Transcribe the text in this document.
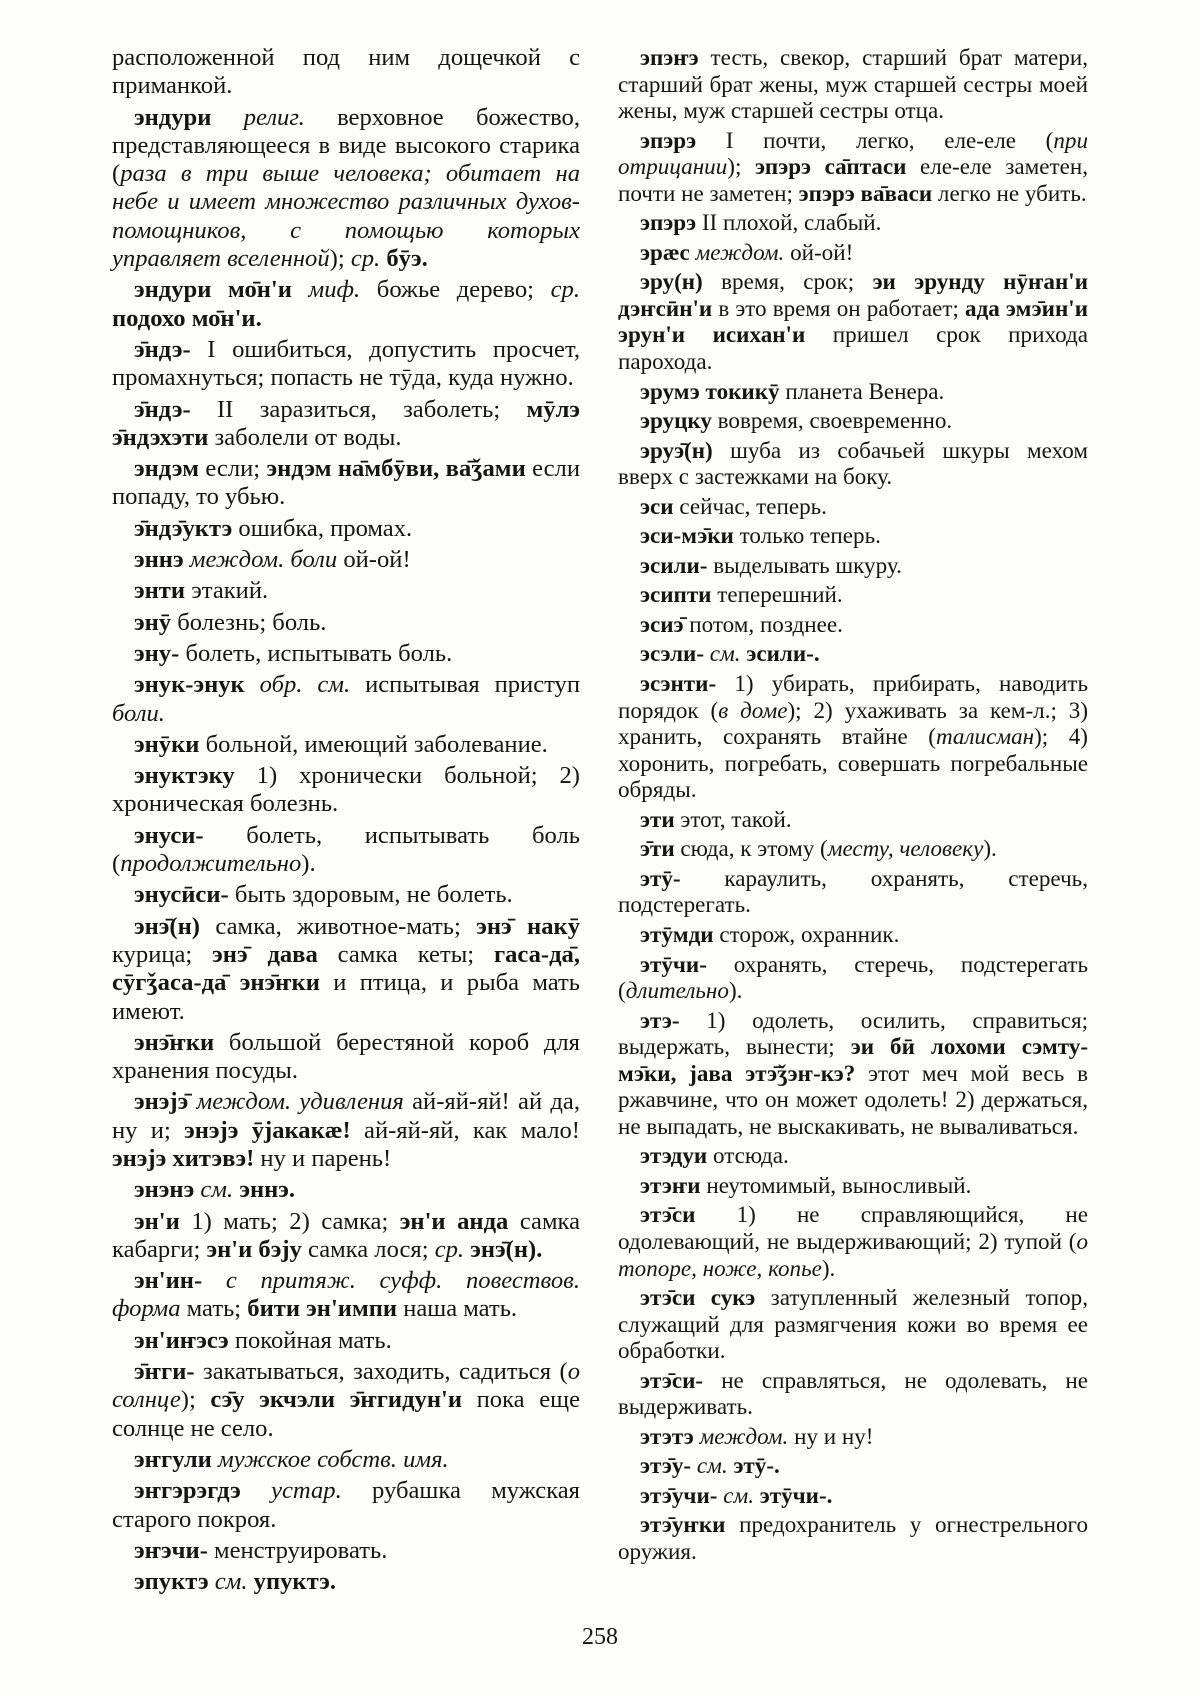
расположенной под ним дощечкой с приманкой.

эндури религ. верховное божество, представляющееся в виде высокого старика (раза в три выше человека; обитает на небе и имеет множество различных духов-помощников, с помощью которых управляет вселенной); ср. бӯэ.

эндури мо̄н'и миф. божье дерево; ср. подохо мо̄н'и.

э̄ндэ- I ошибиться, допустить просчет, промахнуться; попасть не тӯда, куда нужно.

э̄ндэ- II заразиться, заболеть; мӯлэ э̄ндэхэти заболели от воды.

эндэм если; эндэм на̄мбӯви, ва̄ǯами если попаду, то убью.

э̄ндэ̄уктэ ошибка, промах.

эннэ междом. боли ой-ой!

энти этакий.

энӯ болезнь; боль.

эну- болеть, испытывать боль.

энук-энук обр. см. испытывая приступ боли.

энӯки больной, имеющий заболевание.

энуктэку 1) хронически больной; 2) хроническая болезнь.

энуси- болеть, испытывать боль (продолжительно).

энусӣси- быть здоровым, не болеть.

энэ̄(н) самка, животное-мать; энэ̄ накӯ курица; энэ̄ дава самка кеты; гаса-да̄, сӯгǯаса-да̄ энэ̄ҥки и птица, и рыба мать имеют.

энэ̄ҥки большой берестяной короб для хранения посуды.

энэјэ̄ междом. удивления ай-яй-яй! ай да, ну и; энэјэ ӯјакакæ! ай-яй-яй, как мало! энэјэ хитэвэ! ну и парень!

энэнэ см. эннэ.

эн'и 1) мать; 2) самка; эн'и анда самка кабарги; эн'и бэју самка лося; ср. энэ̄(н).

эн'ин- с притяж. суфф. повествов. форма мать; бити эн'импи наша мать.

эн'иҥэсэ покойная мать.

э̄ҥги- закатываться, заходить, садиться (о солнце); сэ̄у экчэли э̄ҥгидун'и пока еще солнце не село.

эҥгули мужское собств. имя.

эҥгэрэгдэ устар. рубашка мужская старого покроя.

эҥэчи- менструировать.

эпуктэ см. упуктэ.

эпэҥэ тесть, свекор, старший брат матери, старший брат жены, муж старшей сестры моей жены, муж старшей сестры отца.

эпэрэ I почти, легко, еле-еле (при отрицании); эпэрэ са̄птаси еле-еле заметен, почти не заметен; эпэрэ ва̄васи легко не убить.

эпэрэ II плохой, слабый.

эрæс междом. ой-ой!

эру(н) время, срок; эи эрунду нӯҥан'и дэҥсӣн'и в это время он работает; ада эмэ̄ин'и эрун'и исихан'и пришел срок прихода парохода.

эрумэ токикӯ планета Венера.

эруцку вовремя, своевременно.

эруэ̄(н) шуба из собачьей шкуры мехом вверх с застежками на боку.

эси сейчас, теперь.

эси-мэ̄ки только теперь.

эсили- выделывать шкуру.

эсипти теперешний.

эсиэ̄ потом, позднее.

эсэли- см. эсили-.

эсэнти- 1) убирать, прибирать, наводить порядок (в доме); 2) ухаживать за кем-л.; 3) хранить, сохранять втайне (талисман); 4) хоронить, погребать, совершать погребальные обряды.

эти этот, такой.

э̄ти сюда, к этому (месту, человеку).

этӯ- караулить, охранять, стеречь, подстерегать.

этӯмди сторож, охранник.

этӯчи- охранять, стеречь, подстерегать (длительно).

этэ- 1) одолеть, осилить, справиться; выдержать, вынести; эи бӣ лохоми сэмту-мэ̄ки, јава этэ̄ǯэҥ-кэ? этот меч мой весь в ржавчине, что он может одолеть! 2) держаться, не выпадать, не выскакивать, не вываливаться.

этэдуи отсюда.

этэҥи неутомимый, выносливый.

этэ̄си 1) не справляющийся, не одолевающий, не выдерживающий; 2) тупой (о топоре, ноже, копье).

этэ̄си сукэ затупленный железный топор, служащий для размягчения кожи во время ее обработки.

этэ̄си- не справляться, не одолевать, не выдерживать.

этэтэ междом. ну и ну!

этэ̄у- см. этӯ-.

этэ̄учи- см. этӯчи-.

этэ̄уҥки предохранитель у огнестрельного оружия.

258
